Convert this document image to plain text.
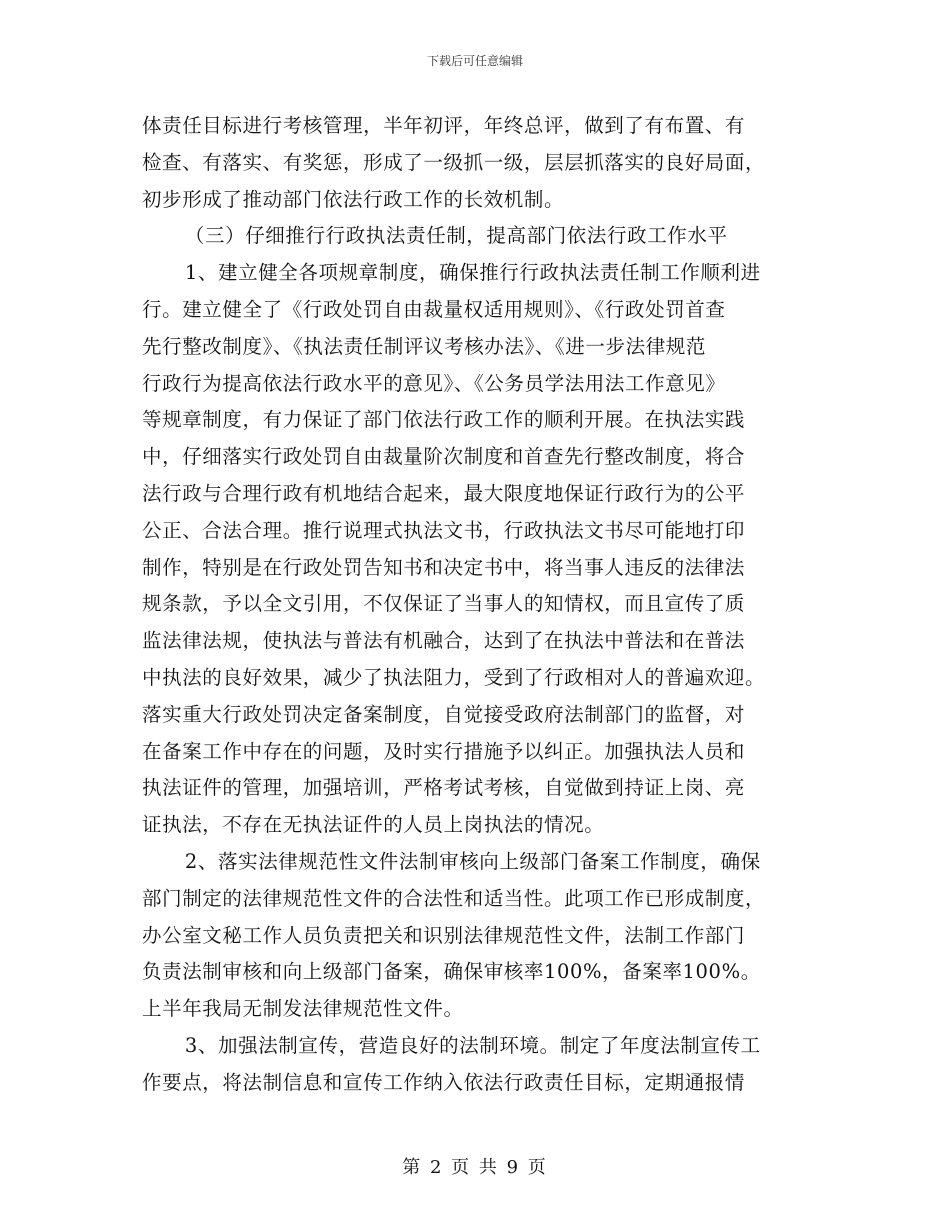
下载后可任意编辑
体责任目标进行考核管理，半年初评，年终总评，做到了有布置、有
检查、有落实、有奖惩，形成了一级抓一级，层层抓落实的良好局面，
初步形成了推动部门依法行政工作的长效机制。
（三）仔细推行行政执法责任制，提高部门依法行政工作水平
1、建立健全各项规章制度，确保推行行政执法责任制工作顺利进
行。建立健全了《行政处罚自由裁量权适用规则》、《行政处罚首查
先行整改制度》、《执法责任制评议考核办法》、《进一步法律规范
行政行为提高依法行政水平的意见》、《公务员学法用法工作意见》
等规章制度，有力保证了部门依法行政工作的顺利开展。在执法实践
中，仔细落实行政处罚自由裁量阶次制度和首查先行整改制度，将合
法行政与合理行政有机地结合起来，最大限度地保证行政行为的公平
公正、合法合理。推行说理式执法文书，行政执法文书尽可能地打印
制作，特别是在行政处罚告知书和决定书中，将当事人违反的法律法
规条款，予以全文引用，不仅保证了当事人的知情权，而且宣传了质
监法律法规，使执法与普法有机融合，达到了在执法中普法和在普法
中执法的良好效果，减少了执法阻力，受到了行政相对人的普遍欢迎。
落实重大行政处罚决定备案制度，自觉接受政府法制部门的监督，对
在备案工作中存在的问题，及时实行措施予以纠正。加强执法人员和
执法证件的管理，加强培训，严格考试考核，自觉做到持证上岗、亮
证执法，不存在无执法证件的人员上岗执法的情况。
2、落实法律规范性文件法制审核向上级部门备案工作制度，确保
部门制定的法律规范性文件的合法性和适当性。此项工作已形成制度，
办公室文秘工作人员负责把关和识别法律规范性文件，法制工作部门
负责法制审核和向上级部门备案，确保审核率100%，备案率100%。
上半年我局无制发法律规范性文件。
3、加强法制宣传，营造良好的法制环境。制定了年度法制宣传工
作要点，将法制信息和宣传工作纳入依法行政责任目标，定期通报情
第 2 页 共 9 页
